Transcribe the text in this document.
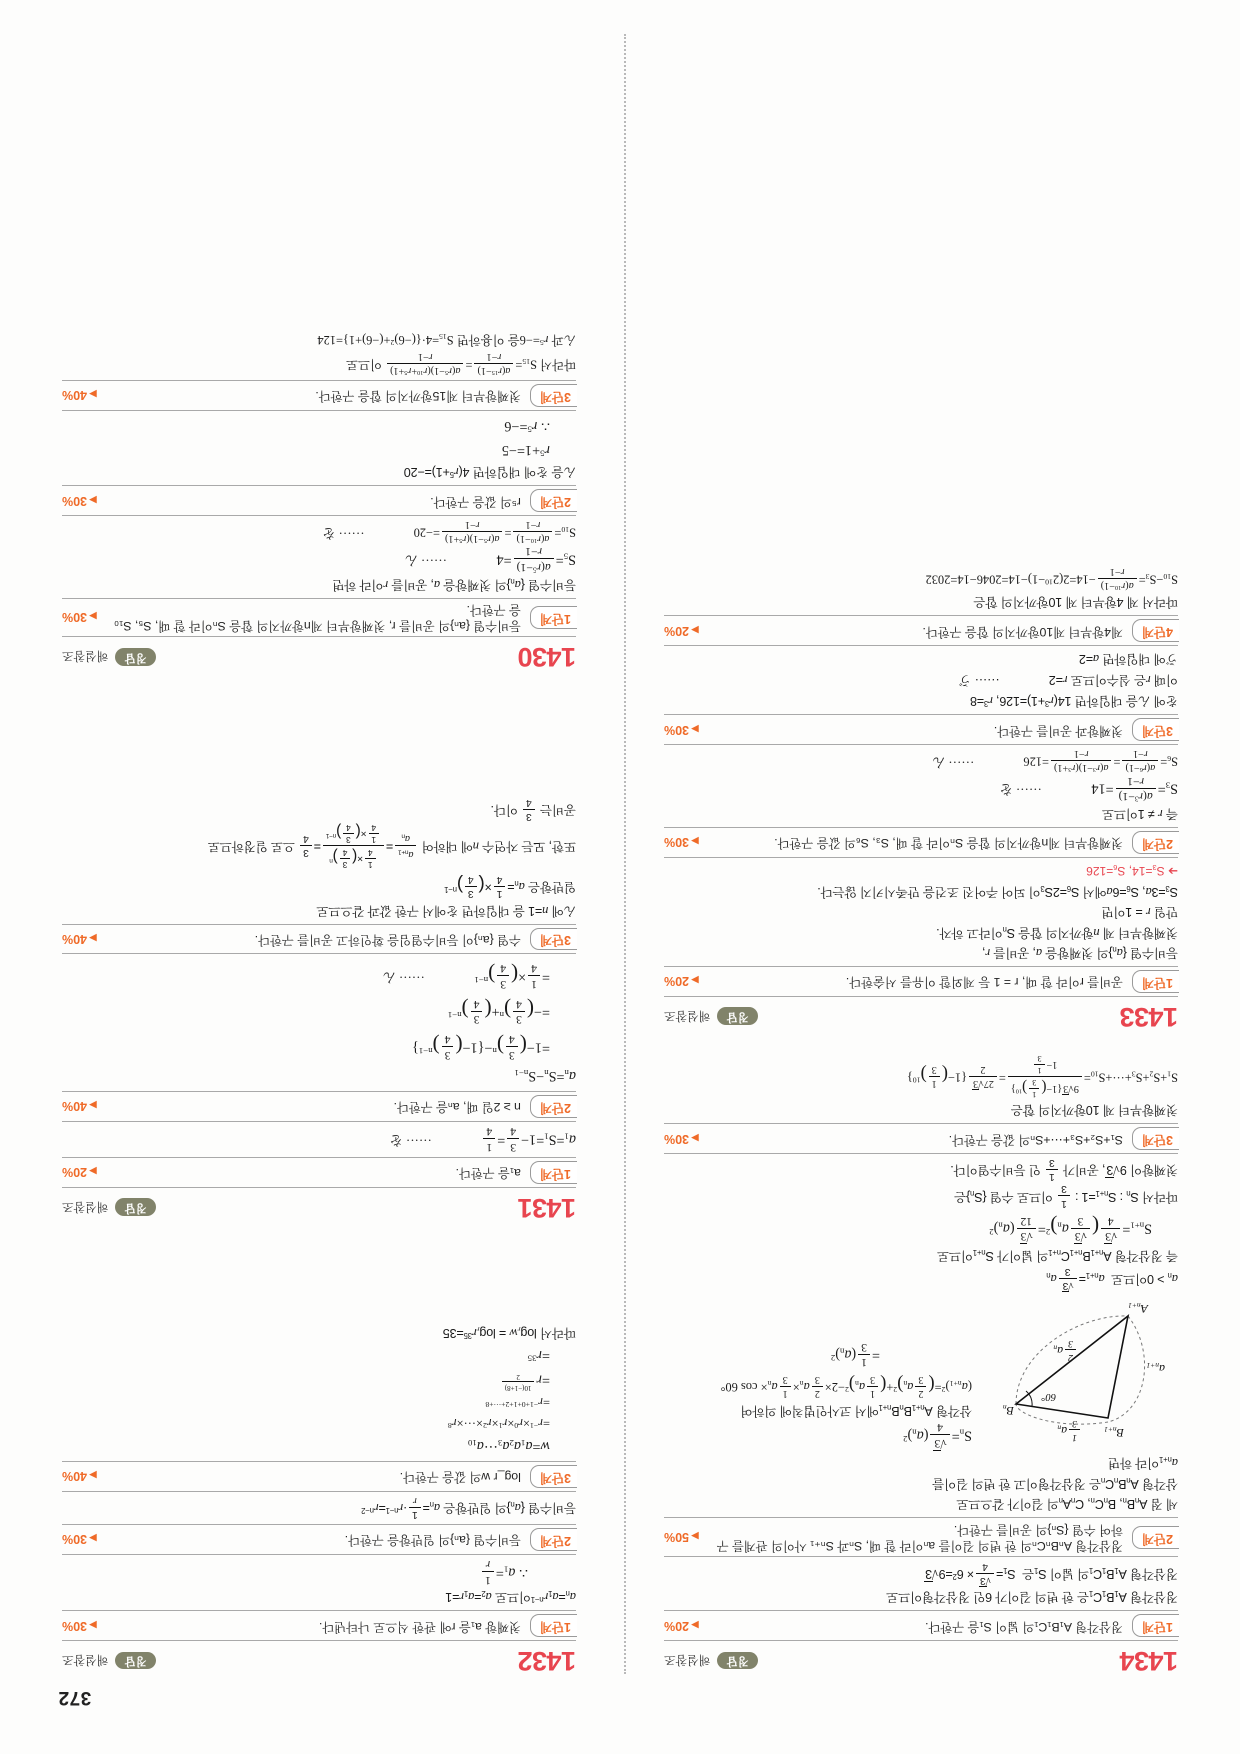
372
1434
정답
해설참조
1단계
정삼각형 A₁B₁C₁의 넓이 S₁을 구한다.
▶20%
정삼각형 $A_1B_1C_1$은 한 변의 길이가 6인 정삼각형이므로
정삼각형 $A_1B_1C_1$의 넓이 $S_1$은  $S_1=$
√3
4
× $6^2=9√3$
2단계
정삼각형 AₙBₙCₙ의 한 변의 길이를 aₙ이라 할 때, Sₙ과 Sₙ₊₁ 사이의 관계를 구하여 수열 {Sₙ}의 공비를 구한다.
▶50%
세 점 $A_nB_n$, $B_nC_n$, $C_nA_n$의 길이가 같으므로
삼각형 $A_nB_nC_n$은 정삼각형이고 한 변의 길이를
$a_{n+1}$이라 하면
$B_{n+1}$
$B_n$
$A_{n+1}$
1
3
$a_n$
$a_{n+1}$
2
3
$a_n$
60°
$S_n=$
√3
4
$(a_n)^2$
삼각형 $A_{n+1}B_nB_{n+1}$에서 코사인법칙에 의하여
$(a_{n+1})^2=$(
2
3
$a_n)^2+$(
1
3
$a_n)^2-2\times$
2
3
$a_n\times$
1
3
$a_n\times \cos 60^\circ$
=
1
3
$(a_n)^2$
$a_n > 0$이므로  $a_{n+1}=$
√3
3
$a_n$
즉 정삼각형 $A_{n+1}B_{n+1}C_{n+1}$의 넓이가 $S_{n+1}$이므로
$S_{n+1}=$
√3
4
(
√3
3
$a_n)^2=$
√3
12
$(a_n)^2$
따라서 $S_n$ : $S_{n+1}=1$ :
1
3
이므로 수열 $\{S_n\}$은
첫째항이 9√3, 공비가
1
3
인 등비수열이다.
3단계
S₁+S₂+S₃+⋯+Sₙ의 값을 구한다.
▶30%
첫째항부터 제 10항까지의 합은
$S_1+S_2+S_3+\cdot\cdot\cdot+S_{10}=$
9√3{1−(
1
3
)$^{10}$}
1−
1
3
=
27√3
2
{1−(
1
3
)$^{10}$}
1433
정답
해설참조
1단계
공비를 r이라 할 때, r = 1 등 제외할 이유를 서술한다.
▶20%
등비수열 $\{a_n\}$의 첫째항을 a, 공비를 r,
첫째항부터 제 n항까지의 합을 $S_n$이라고 하자.
만일 r = 1이면
$S_3=3a$, $S_6=6a$에서 $S_6=2S_3$이 되어 주어진 조건을 만족시키지 않는다.
➔ $S_3=14$, $S_6=126$
2단계
첫째항부터 제n항까지의 합을 Sₙ이라 할 때, S₃, S₆의 값을 구한다.
▶30%
즉 r ≠ 1이므로
$S_3=$
$a(r^3-1)$
r−1
=14 ······ を
$S_6=$
$a(r^6-1)$
r−1
=
$a(r^3-1)(r^3+1)$
r−1
=126 ······ ん
3단계
첫째항과 공비를 구한다.
▶30%
を에 ん을 대입하면 $14(r^3+1)=126$, $r^3=8$
이때 r은 실수이므로 r=2 ······ ゔ
ゔ에 대입하면 a=2
4단계
제4항부터 제10항까지의 합을 구한다.
▶20%
따라서 제 4항부터 제 10항까지의 합은
$S_{10}-S_3=$
$a(r^{10}-1)$
r−1
$-14=2(2^{10}-1)-14=2046-14=2032$
1432
정답
해설참조
1단계
첫째항 a₁을 r에 관한 식으로 나타낸다.
▶30%
$a_n=a_1r^{n-1}$이므로 $a_2=a_1r=1$
∴ $a_1=$
1
r
2단계
등비수열 {aₙ}의 일반항을 구한다.
▶30%
등비수열 $\{a_n\}$의 일반항은 $a_n=$
1
r
$\cdot r^{n-1}=r^{n-2}$
3단계
log_r w의 값을 구한다.
▶40%
$w=a_1a_2a_3\cdot\cdot\cdot a_{10}$
$=r^{-1}\times r^0\times r^1\times r^2\times\cdot\cdot\cdot\times r^8$
$=r^{-1+0+1+2+\cdot\cdot\cdot+8}$
=r
$^{10(-1+8) 2}$
$=r^{35}$
따라서 $\log_rw = \log_rr^{35}=35$
1431
정답
해설참조
1단계
a₁을 구한다.
▶20%
$a_1=S_1=1-$
3
4
=
1
4
······ を
2단계
n ≥ 2일 때, aₙ을 구한다.
▶40%
$a_n=S_n-S_{n-1}$
=1−(
3
4
)$^n$−{1−(
3
4
)$^{n-1}$}
=−(
3
4
)$^n$+(
3
4
)$^{n-1}$
=
1
4
×(
3
4
)$^{n-1}$ ······ ん
3단계
수열 {aₙ}이 등비수열임을 확인하고 공비를 구한다.
▶40%
ん에 n=1 을 대입하면 を에서 구한 값과 같으므로
일반항은 $a_n=$
1
4
×(
3
4
)$^{n-1}$
또한, 모든 자연수 n에 대하여
$a_{n+1}$
$a_n$
=
1
4
×(
3
4
)$^n$
1
4
×(
3
4
)$^{n-1}$
=
3
4
으로 일정하므로
공비는
3
4
이다.
1430
정답
해설참조
1단계
등비수열 {aₙ}의 공비를 r, 첫째항부터 제n항까지의 합을 Sₙ이라 할 때, S₅, S₁₀을 구한다.
▶30%
등비수열 $\{a_n\}$의 첫째항을 a, 공비를 r이라 하면
$S_5=$
$a(r^5-1)$
r−1
=4 ······ ん
$S_{10}=$
$a(r^{10}-1)$
r−1
=
$a(r^5-1)(r^5+1)$
r−1
=−20 ······ を
2단계
r⁵의 값을 구한다.
▶30%
ん을 を에 대입하면 $4(r^5+1)=-20$
$r^5+1=-5$
∴ $r^5=-6$
3단계
첫째항부터 제15항까지의 합을 구한다.
▶40%
따라서 $S_{15}=$
$a(r^{15}-1)$
r−1
=
$a(r^5-1)(r^{10}+r^5+1)$
r−1
이므로
ん과 $r^5=-6$을 이용하면 $S_{15}=4\cdot\{(-6)^2+(-6)+1\}=124$
